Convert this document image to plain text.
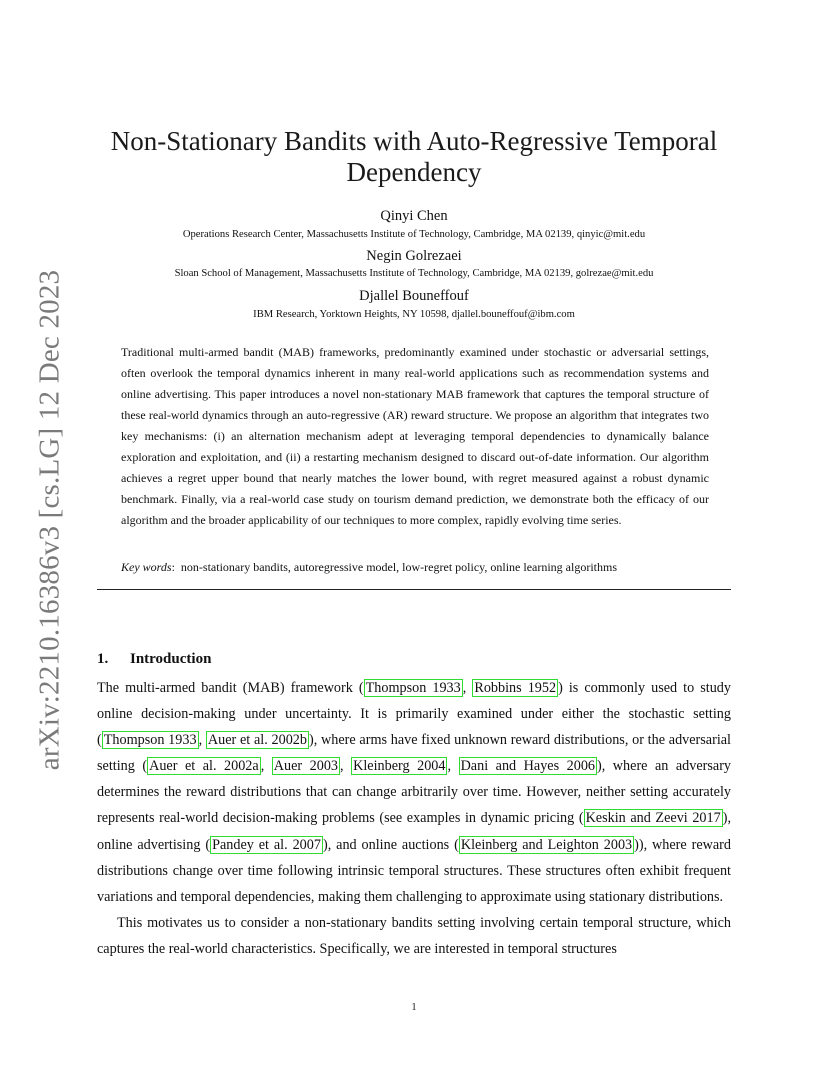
arXiv:2210.16386v3 [cs.LG] 12 Dec 2023
Non-Stationary Bandits with Auto-Regressive Temporal
Dependency
Qinyi Chen
Operations Research Center, Massachusetts Institute of Technology, Cambridge, MA 02139, qinyic@mit.edu
Negin Golrezaei
Sloan School of Management, Massachusetts Institute of Technology, Cambridge, MA 02139, golrezae@mit.edu
Djallel Bouneffouf
IBM Research, Yorktown Heights, NY 10598, djallel.bouneffouf@ibm.com
Traditional multi-armed bandit (MAB) frameworks, predominantly examined under stochastic or adversarial settings, often overlook the temporal dynamics inherent in many real-world applications such as recommendation systems and online advertising. This paper introduces a novel non-stationary MAB framework that captures the temporal structure of these real-world dynamics through an auto-regressive (AR) reward structure. We propose an algorithm that integrates two key mechanisms: (i) an alternation mechanism adept at leveraging temporal dependencies to dynamically balance exploration and exploitation, and (ii) a restarting mechanism designed to discard out-of-date information. Our algorithm achieves a regret upper bound that nearly matches the lower bound, with regret measured against a robust dynamic benchmark. Finally, via a real-world case study on tourism demand prediction, we demonstrate both the efficacy of our algorithm and the broader applicability of our techniques to more complex, rapidly evolving time series.
Key words:  non-stationary bandits, autoregressive model, low-regret policy, online learning algorithms
1. Introduction

The multi-armed bandit (MAB) framework ( Thompson 1933 , Robbins 1952 ) is commonly used to study online decision-making under uncertainty. It is primarily examined under either the stochastic setting ( Thompson 1933 , Auer et al. 2002b ), where arms have fixed unknown reward distributions, or the adversarial setting ( Auer et al. 2002a , Auer 2003 , Kleinberg 2004 , Dani and Hayes 2006 ), where an adversary determines the reward distributions that can change arbitrarily over time. However, neither setting accurately represents real-world decision-making problems (see examples in dynamic pricing ( Keskin and Zeevi 2017 ), online advertising ( Pandey et al. 2007 ), and online auctions ( Kleinberg and Leighton 2003 )), where reward distributions change over time following intrinsic temporal structures. These structures often exhibit frequent variations and temporal dependencies, making them challenging to approximate using stationary distributions.

This motivates us to consider a non-stationary bandits setting involving certain temporal structure, which captures the real-world characteristics. Specifically, we are interested in temporal structures

1
